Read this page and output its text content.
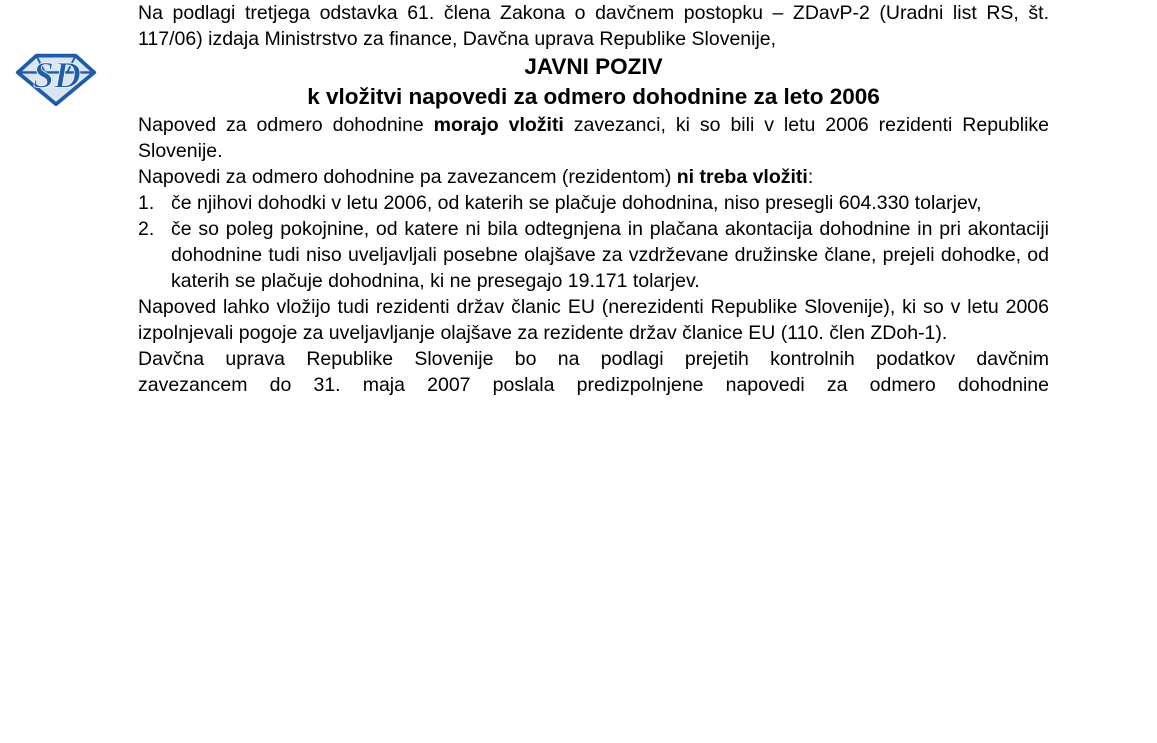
SD

Na podlagi tretjega odstavka 61. člena Zakona o davčnem postopku – ZDavP-2 (Uradni list RS, št. 117/06) izdaja Ministrstvo za finance, Davčna uprava Republike Slovenije,

JAVNI POZIV
k vložitvi napovedi za odmero dohodnine za leto 2006

Napoved za odmero dohodnine morajo vložiti zavezanci, ki so bili v letu 2006 rezidenti Republike Slovenije.

Napovedi za odmero dohodnine pa zavezancem (rezidentom) ni treba vložiti:

1. če njihovi dohodki v letu 2006, od katerih se plačuje dohodnina, niso presegli 604.330 tolarjev,
2. če so poleg pokojnine, od katere ni bila odtegnjena in plačana akontacija dohodnine in pri akontaciji dohodnine tudi niso uveljavljali posebne olajšave za vzdrževane družinske člane, prejeli dohodke, od katerih se plačuje dohodnina, ki ne presegajo 19.171 tolarjev.

Napoved lahko vložijo tudi rezidenti držav članic EU (nerezidenti Republike Slovenije), ki so v letu 2006 izpolnjevali pogoje za uveljavljanje olajšave za rezidente držav članice EU (110. člen ZDoh-1).

Davčna uprava Republike Slovenije bo na podlagi prejetih kontrolnih podatkov davčnim
zavezancem do 31. maja 2007 poslala predizpolnjene napovedi za odmero dohodnine
